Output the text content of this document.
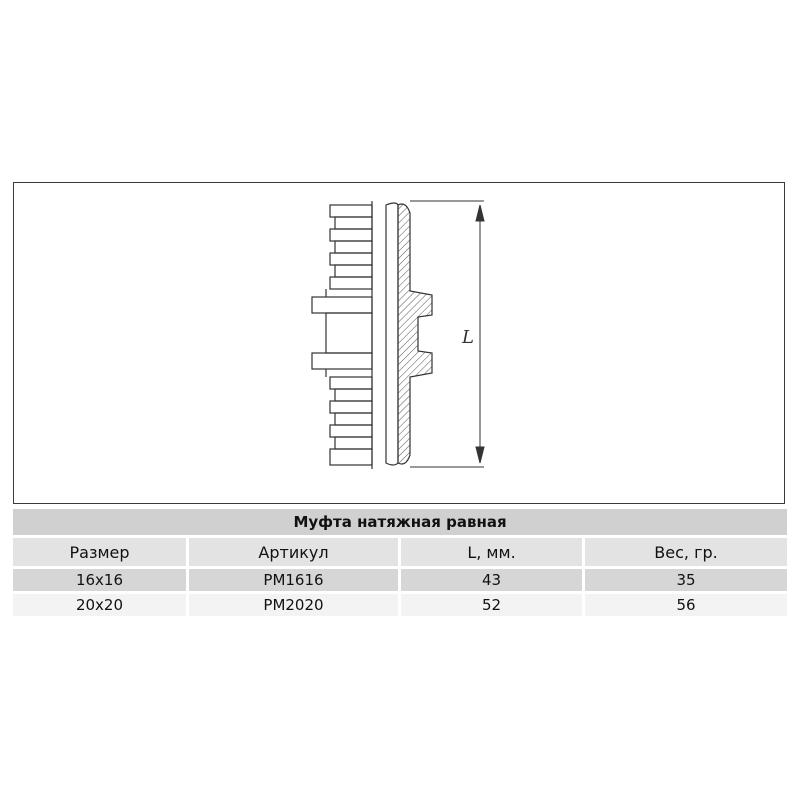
L
Муфта натяжная равная			
Размер	Артикул	L, мм.	Вес, гр.
16x16	PM1616	43	35
20x20	PM2020	52	56
